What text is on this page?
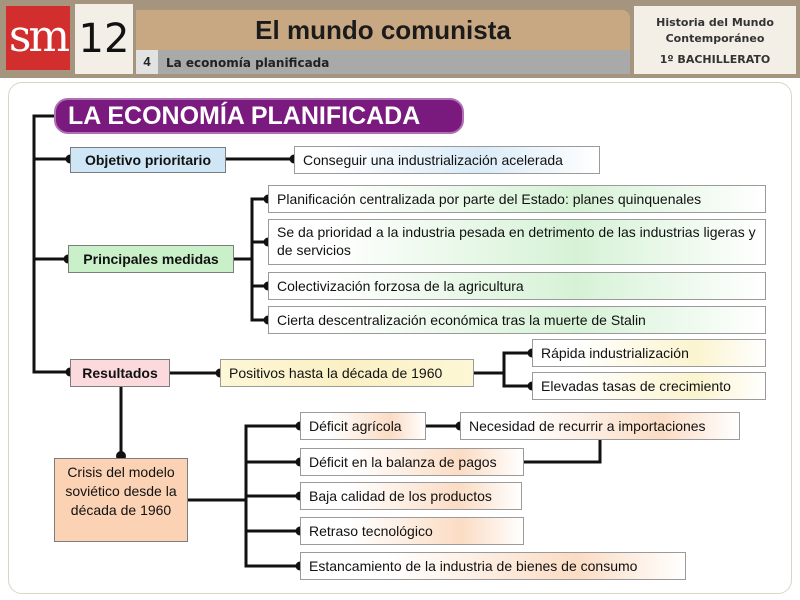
sm 12	El mundo comunista
4	La economía planificada
Historia del Mundo
Contemporáneo
1º BACHILLERATO
LA ECONOMÍA PLANIFICADA
Objetivo prioritario	Conseguir una industrialización acelerada
Principales medidas
Planificación centralizada por parte del Estado: planes quinquenales
Se da prioridad a la industria pesada en detrimento de las industrias ligeras y de servicios
Colectivización forzosa de la agricultura
Cierta descentralización económica tras la muerte de Stalin
Resultados	Positivos hasta la década de 1960
Rápida industrialización
Elevadas tasas de crecimiento
Crisis del modelo soviético desde la década de 1960
Déficit agrícola
Déficit en la balanza de pagos
Baja calidad de los productos
Retraso tecnológico
Estancamiento de la industria de bienes de consumo
Necesidad de recurrir a importaciones
